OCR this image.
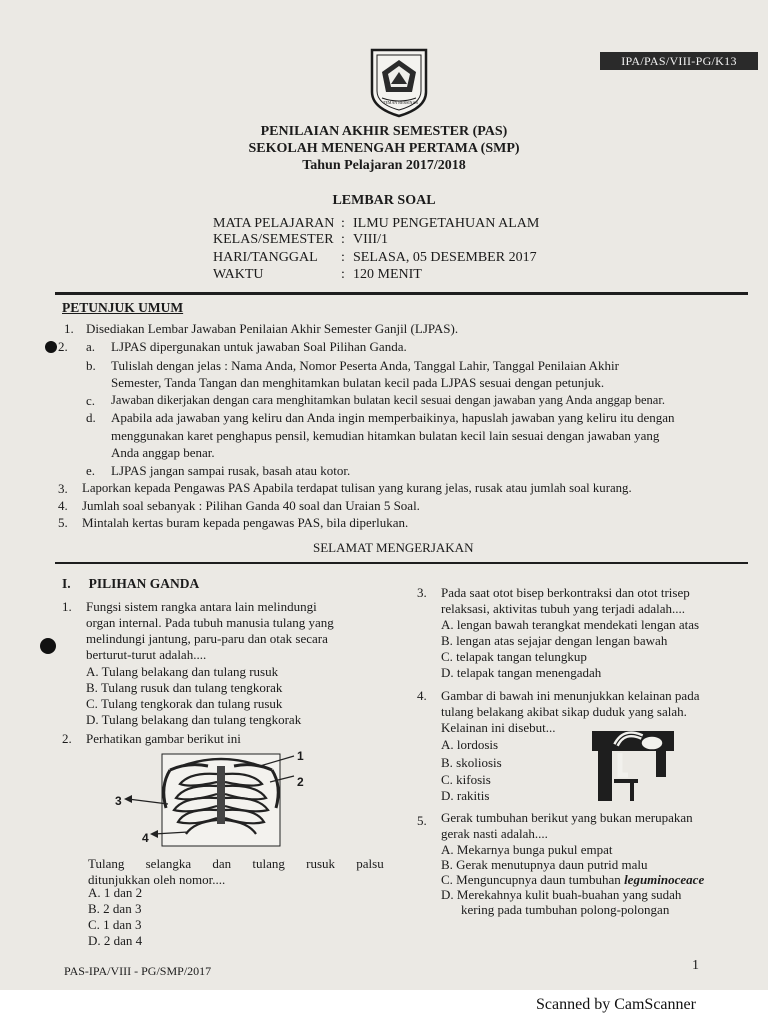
IPA/PAS/VIII-PG/K13
TEMAN BERSINAR
PENILAIAN AKHIR SEMESTER (PAS)
SEKOLAH MENENGAH PERTAMA (SMP)
Tahun Pelajaran 2017/2018
LEMBAR SOAL
MATA PELAJARAN : ILMU PENGETAHUAN ALAM
KELAS/SEMESTER : VIII/1
HARI/TANGGAL : SELASA, 05 DESEMBER 2017
WAKTU	: 120 MENIT
PETUNJUK UMUM
1. Disediakan Lembar Jawaban Penilaian Akhir Semester Ganjil (LJPAS).
2. a. LJPAS dipergunakan untuk jawaban Soal Pilihan Ganda.
b. Tulislah dengan jelas : Nama Anda, Nomor Peserta Anda, Tanggal Lahir, Tanggal Penilaian Akhir
Semester, Tanda Tangan dan menghitamkan bulatan kecil pada LJPAS sesuai dengan petunjuk.
c. Jawaban dikerjakan dengan cara menghitamkan bulatan kecil sesuai dengan jawaban yang Anda anggap benar.
d. Apabila ada jawaban yang keliru dan Anda ingin memperbaikinya, hapuslah jawaban yang keliru itu dengan
menggunakan karet penghapus pensil, kemudian hitamkan bulatan kecil lain sesuai dengan jawaban yang
Anda anggap benar.
e. LJPAS jangan sampai rusak, basah atau kotor.
3. Laporkan kepada Pengawas PAS Apabila terdapat tulisan yang kurang jelas, rusak atau jumlah soal kurang.
4. Jumlah soal sebanyak : Pilihan Ganda 40 soal dan Uraian 5 Soal.
5. Mintalah kertas buram kepada pengawas PAS, bila diperlukan.
SELAMAT MENGERJAKAN
I. PILIHAN GANDA
1. Fungsi sistem rangka antara lain melindungi
organ internal. Pada tubuh manusia tulang yang
melindungi jantung, paru-paru dan otak secara
berturut-turut adalah....
A. Tulang belakang dan tulang rusuk
B. Tulang rusuk dan tulang tengkorak
C. Tulang tengkorak dan tulang rusuk
D. Tulang belakang dan tulang tengkorak
2. Perhatikan gambar berikut ini
1
2
3
4
Tulang selangka dan tulang rusuk palsu
ditunjukkan oleh nomor....
A. 1 dan 2
B. 2 dan 3
C. 1 dan 3
D. 2 dan 4
3. Pada saat otot bisep berkontraksi dan otot trisep
relaksasi, aktivitas tubuh yang terjadi adalah....
A. lengan bawah terangkat mendekati lengan atas
B. lengan atas sejajar dengan lengan bawah
C. telapak tangan telungkup
D. telapak tangan menengadah
4. Gambar di bawah ini menunjukkan kelainan pada
tulang belakang akibat sikap duduk yang salah.
Kelainan ini disebut...
A. lordosis
B. skoliosis
C. kifosis
D. rakitis
5. Gerak tumbuhan berikut yang bukan merupakan
gerak nasti adalah....
A. Mekarnya bunga pukul empat
B. Gerak menutupnya daun putrid malu
C. Menguncupnya daun tumbuhan leguminoceace
D. Merekahnya kulit buah-buahan yang sudah
kering pada tumbuhan polong-polongan
PAS-IPA/VIII - PG/SMP/2017	1
Scanned by CamScanner
